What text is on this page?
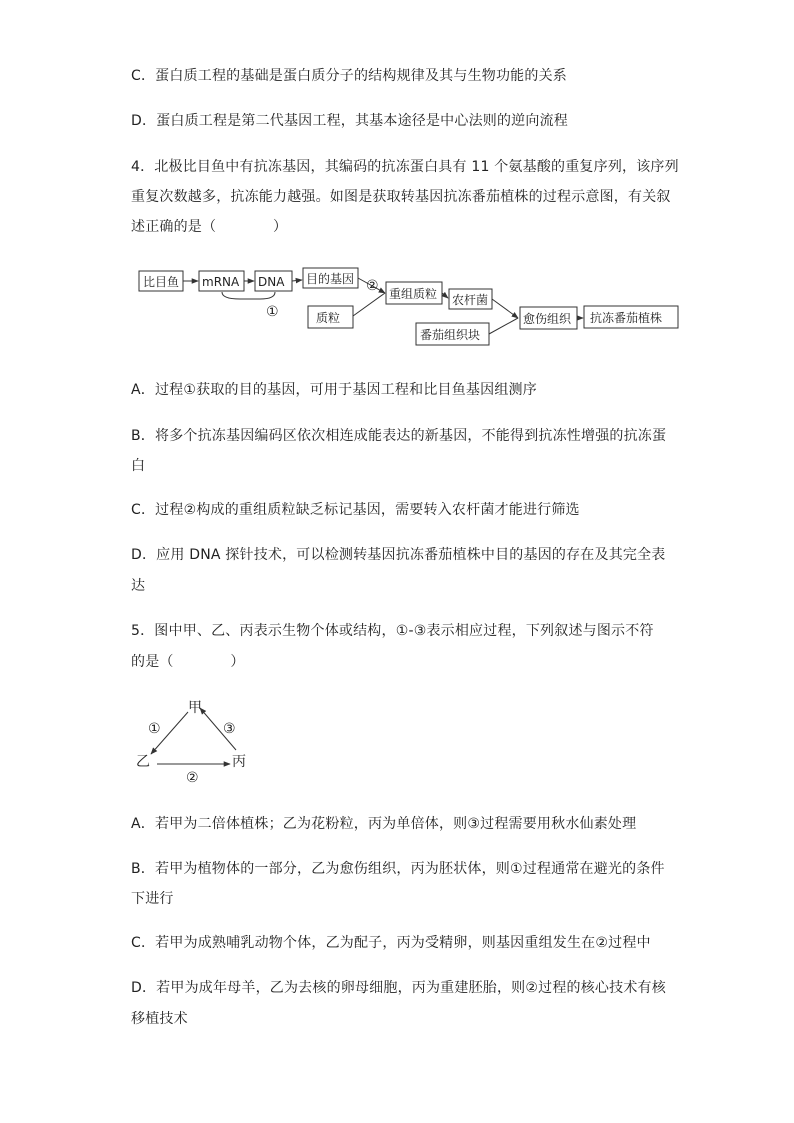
C．蛋白质工程的基础是蛋白质分子的结构规律及其与生物功能的关系
D．蛋白质工程是第二代基因工程，其基本途径是中心法则的逆向流程
4．北极比目鱼中有抗冻基因，其编码的抗冻蛋白具有 11 个氨基酸的重复序列，该序列
重复次数越多，抗冻能力越强。如图是获取转基因抗冻番茄植株的过程示意图，有关叙
述正确的是（　　　　）
比目鱼 mRNA DNA 目的基因
质粒
重组质粒 农杆菌
番茄组织块
愈伤组织 抗冻番茄植株
①
②
A．过程①获取的目的基因，可用于基因工程和比目鱼基因组测序
B．将多个抗冻基因编码区依次相连成能表达的新基因，不能得到抗冻性增强的抗冻蛋
白
C．过程②构成的重组质粒缺乏标记基因，需要转入农杆菌才能进行筛选
D．应用 DNA 探针技术，可以检测转基因抗冻番茄植株中目的基因的存在及其完全表
达
5．图中甲、乙、丙表示生物个体或结构，①-③表示相应过程，下列叙述与图示不符
的是（　　　　）
甲
乙	丙
①	③
②
A．若甲为二倍体植株；乙为花粉粒，丙为单倍体，则③过程需要用秋水仙素处理
B．若甲为植物体的一部分，乙为愈伤组织，丙为胚状体，则①过程通常在避光的条件
下进行
C．若甲为成熟哺乳动物个体，乙为配子，丙为受精卵，则基因重组发生在②过程中
D．若甲为成年母羊，乙为去核的卵母细胞，丙为重建胚胎，则②过程的核心技术有核
移植技术
